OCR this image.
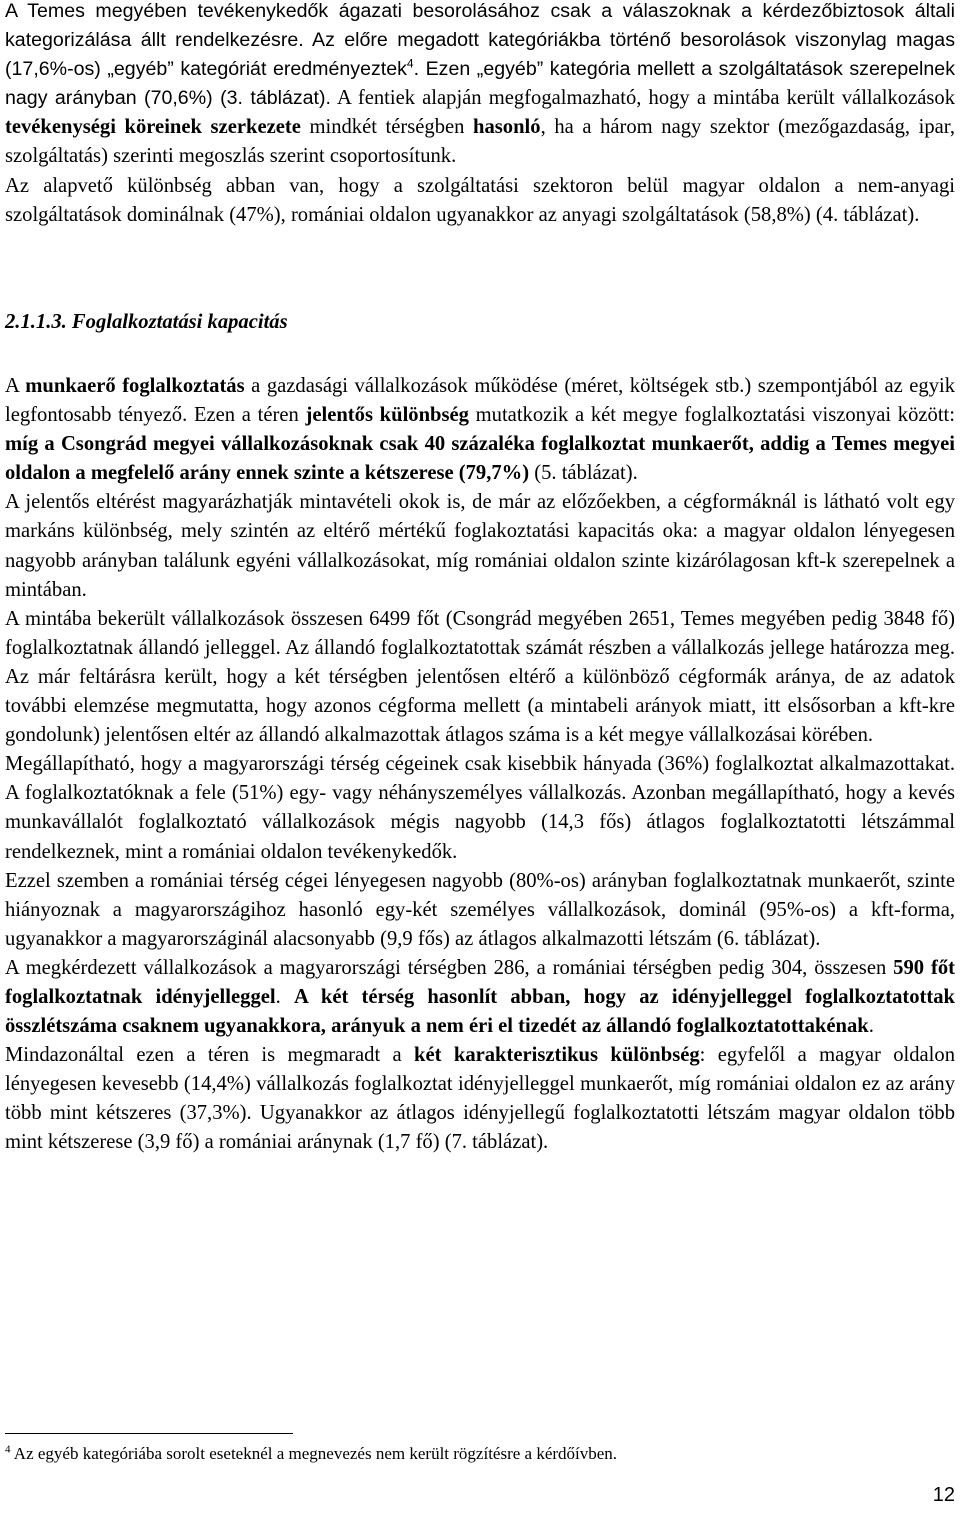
A Temes megyében tevékenykedők ágazati besorolásához csak a válaszoknak a kérdezőbiztosok általi kategorizálása állt rendelkezésre. Az előre megadott kategóriákba történő besorolások viszonylag magas (17,6%-os) „egyéb” kategóriát eredményeztek$^4$. Ezen „egyéb” kategória mellett a szolgáltatások szerepelnek nagy arányban (70,6%) (3. táblázat). A fentiek alapján megfogalmazható, hogy a mintába került vállalkozások tevékenységi köreinek szerkezete mindkét térségben hasonló, ha a három nagy szektor (mezőgazdaság, ipar, szolgáltatás) szerinti megoszlás szerint csoportosítunk.

Az alapvető különbség abban van, hogy a szolgáltatási szektoron belül magyar oldalon a nem-anyagi szolgáltatások dominálnak (47%), romániai oldalon ugyanakkor az anyagi szolgáltatások (58,8%) (4. táblázat).

2.1.1.3. Foglalkoztatási kapacitás

A munkaerő foglalkoztatás a gazdasági vállalkozások működése (méret, költségek stb.) szempontjából az egyik legfontosabb tényező. Ezen a téren jelentős különbség mutatkozik a két megye foglalkoztatási viszonyai között: míg a Csongrád megyei vállalkozásoknak csak 40 százaléka foglalkoztat munkaerőt, addig a Temes megyei oldalon a megfelelő arány ennek szinte a kétszerese (79,7%) (5. táblázat).

A jelentős eltérést magyarázhatják mintavételi okok is, de már az előzőekben, a cégformáknál is látható volt egy markáns különbség, mely szintén az eltérő mértékű foglakoztatási kapacitás oka: a magyar oldalon lényegesen nagyobb arányban találunk egyéni vállalkozásokat, míg romániai oldalon szinte kizárólagosan kft-k szerepelnek a mintában.

A mintába bekerült vállalkozások összesen 6499 főt (Csongrád megyében 2651, Temes megyében pedig 3848 fő) foglalkoztatnak állandó jelleggel. Az állandó foglalkoztatottak számát részben a vállalkozás jellege határozza meg. Az már feltárásra került, hogy a két térségben jelentősen eltérő a különböző cégformák aránya, de az adatok további elemzése megmutatta, hogy azonos cégforma mellett (a mintabeli arányok miatt, itt elsősorban a kft-kre gondolunk) jelentősen eltér az állandó alkalmazottak átlagos száma is a két megye vállalkozásai körében.

Megállapítható, hogy a magyarországi térség cégeinek csak kisebbik hányada (36%) foglalkoztat alkalmazottakat. A foglalkoztatóknak a fele (51%) egy- vagy néhányszemélyes vállalkozás. Azonban megállapítható, hogy a kevés munkavállalót foglalkoztató vállalkozások mégis nagyobb (14,3 fős) átlagos foglalkoztatotti létszámmal rendelkeznek, mint a romániai oldalon tevékenykedők.

Ezzel szemben a romániai térség cégei lényegesen nagyobb (80%-os) arányban foglalkoztatnak munkaerőt, szinte hiányoznak a magyarországihoz hasonló egy-két személyes vállalkozások, dominál (95%-os) a kft-forma, ugyanakkor a magyarországinál alacsonyabb (9,9 fős) az átlagos alkalmazotti létszám (6. táblázat).

A megkérdezett vállalkozások a magyarországi térségben 286, a romániai térségben pedig 304, összesen 590 főt foglalkoztatnak idényjelleggel. A két térség hasonlít abban, hogy az idényjelleggel foglalkoztatottak összlétszáma csaknem ugyanakkora, arányuk a nem éri el tizedét az állandó foglalkoztatottakénak.

Mindazonáltal ezen a téren is megmaradt a két karakterisztikus különbség: egyfelől a magyar oldalon lényegesen kevesebb (14,4%) vállalkozás foglalkoztat idényjelleggel munkaerőt, míg romániai oldalon ez az arány több mint kétszeres (37,3%). Ugyanakkor az átlagos idényjellegű foglalkoztatotti létszám magyar oldalon több mint kétszerese (3,9 fő) a romániai aránynak (1,7 fő) (7. táblázat).

$^4$ Az egyéb kategóriába sorolt eseteknél a megnevezés nem került rögzítésre a kérdőívben.
12
